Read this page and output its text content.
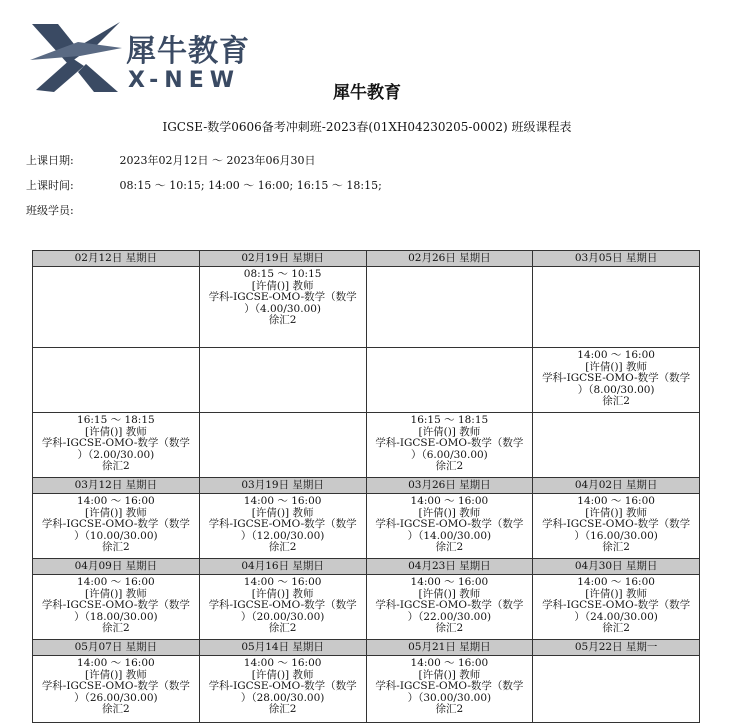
犀牛教育
X-NEW	犀牛教育
IGCSE-数学0606备考冲刺班-2023春(01XH04230205-0002) 班级课程表
上课日期:	2023年02月12日 ～ 2023年06月30日
上课时间:	08:15 ～ 10:15; 14:00 ～ 16:00; 16:15 ～ 18:15;
班级学员:
02月12日 星期日	02月19日 星期日	02月26日 星期日	03月05日 星期日

	08:15 ～ 10:15
[许倩()] 教师
学科-IGCSE-OMO-数学（数学
）（4.00/30.00)
徐汇2		

			14:00 ～ 16:00
[许倩()] 教师
学科-IGCSE-OMO-数学（数学
）（8.00/30.00)
徐汇2

16:15 ～ 18:15
[许倩()] 教师
学科-IGCSE-OMO-数学（数学
）（2.00/30.00)
徐汇2		16:15 ～ 18:15
[许倩()] 教师
学科-IGCSE-OMO-数学（数学
）（6.00/30.00)
徐汇2	

03月12日 星期日	03月19日 星期日	03月26日 星期日	04月02日 星期日

14:00 ～ 16:00
[许倩()] 教师
学科-IGCSE-OMO-数学（数学
）（10.00/30.00)
徐汇2	14:00 ～ 16:00
[许倩()] 教师
学科-IGCSE-OMO-数学（数学
）（12.00/30.00)
徐汇2	14:00 ～ 16:00
[许倩()] 教师
学科-IGCSE-OMO-数学（数学
）（14.00/30.00)
徐汇2	14:00 ～ 16:00
[许倩()] 教师
学科-IGCSE-OMO-数学（数学
）（16.00/30.00)
徐汇2

04月09日 星期日	04月16日 星期日	04月23日 星期日	04月30日 星期日

14:00 ～ 16:00
[许倩()] 教师
学科-IGCSE-OMO-数学（数学
）（18.00/30.00)
徐汇2	14:00 ～ 16:00
[许倩()] 教师
学科-IGCSE-OMO-数学（数学
）（20.00/30.00)
徐汇2	14:00 ～ 16:00
[许倩()] 教师
学科-IGCSE-OMO-数学（数学
）（22.00/30.00)
徐汇2	14:00 ～ 16:00
[许倩()] 教师
学科-IGCSE-OMO-数学（数学
）（24.00/30.00)
徐汇2

05月07日 星期日	05月14日 星期日	05月21日 星期日	05月22日 星期一

14:00 ～ 16:00
[许倩()] 教师
学科-IGCSE-OMO-数学（数学
）（26.00/30.00)
徐汇2	14:00 ～ 16:00
[许倩()] 教师
学科-IGCSE-OMO-数学（数学
）（28.00/30.00)
徐汇2	14:00 ～ 16:00
[许倩()] 教师
学科-IGCSE-OMO-数学（数学
）（30.00/30.00)
徐汇2	
